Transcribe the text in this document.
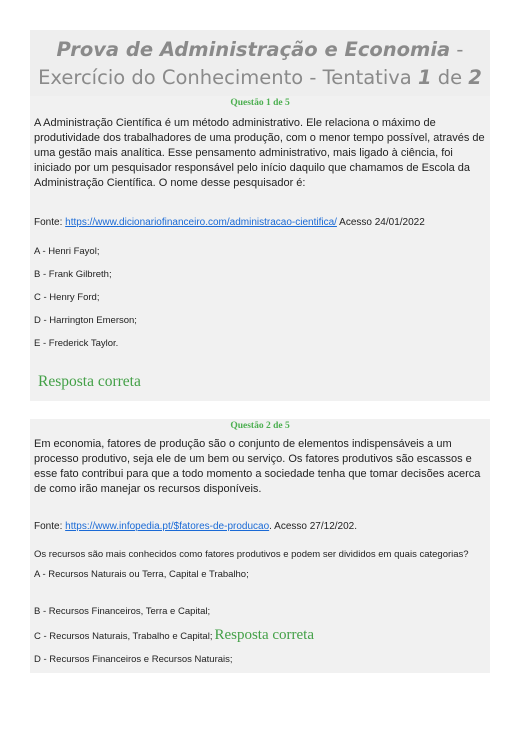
Prova de Administração e Economia - Exercício do Conhecimento - Tentativa 1 de 2

Questão 1 de 5

A Administração Científica é um método administrativo. Ele relaciona o máximo de produtividade dos trabalhadores de uma produção, com o menor tempo possível, através de uma gestão mais analítica. Esse pensamento administrativo, mais ligado à ciência, foi iniciado por um pesquisador responsável pelo início daquilo que chamamos de Escola da Administração Científica. O nome desse pesquisador é:

Fonte: https://www.dicionariofinanceiro.com/administracao-cientifica/ Acesso 24/01/2022

A - Henri Fayol;

B - Frank Gilbreth;

C - Henry Ford;

D - Harrington Emerson;

E - Frederick Taylor.

Resposta correta

Questão 2 de 5

Em economia, fatores de produção são o conjunto de elementos indispensáveis a um processo produtivo, seja ele de um bem ou serviço. Os fatores produtivos são escassos e esse fato contribui para que a todo momento a sociedade tenha que tomar decisões acerca de como irão manejar os recursos disponíveis.

Fonte: https://www.infopedia.pt/$fatores-de-producao. Acesso 27/12/202.

Os recursos são mais conhecidos como fatores produtivos e podem ser divididos em quais categorias?

A - Recursos Naturais ou Terra, Capital e Trabalho;

B - Recursos Financeiros, Terra e Capital;

C - Recursos Naturais, Trabalho e Capital; Resposta correta

D - Recursos Financeiros e Recursos Naturais;
